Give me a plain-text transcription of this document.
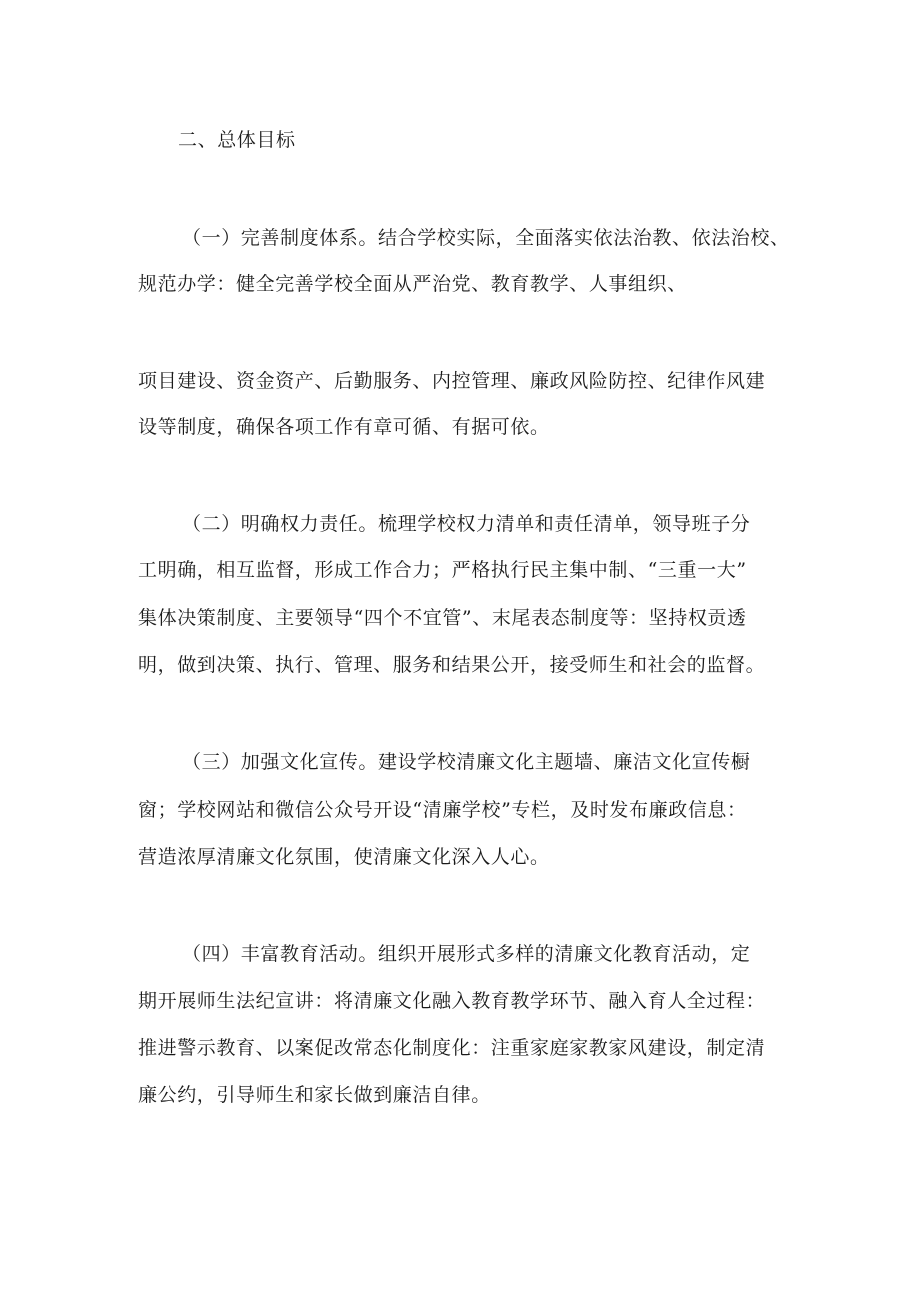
二、总体目标
（一）完善制度体系。结合学校实际，全面落实依法治教、依法治校、
规范办学：健全完善学校全面从严治党、教育教学、人事组织、
项目建设、资金资产、后勤服务、内控管理、廉政风险防控、纪律作风建
设等制度，确保各项工作有章可循、有据可依。
（二）明确权力责任。梳理学校权力清单和责任清单，领导班子分
工明确，相互监督，形成工作合力；严格执行民主集中制、“三重一大”
集体决策制度、主要领导“四个不宜管”、末尾表态制度等：坚持权贡透
明，做到决策、执行、管理、服务和结果公开，接受师生和社会的监督。
（三）加强文化宣传。建设学校清廉文化主题墙、廉洁文化宣传橱
窗；学校网站和微信公众号开设“清廉学校”专栏，及时发布廉政信息：
营造浓厚清廉文化氛围，使清廉文化深入人心。
（四）丰富教育活动。组织开展形式多样的清廉文化教育活动，定
期开展师生法纪宣讲：将清廉文化融入教育教学环节、融入育人全过程：
推进警示教育、以案促改常态化制度化：注重家庭家教家风建设，制定清
廉公约，引导师生和家长做到廉洁自律。
